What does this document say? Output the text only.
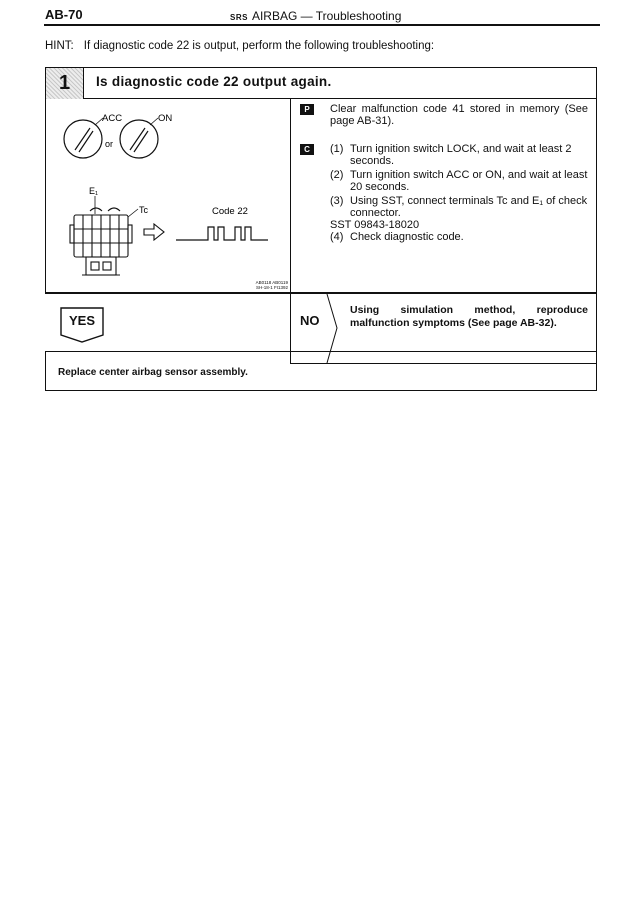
AB-70	SRS AIRBAG — Troubleshooting
HINT: If diagnostic code 22 is output, perform the following troubleshooting:
1	Is diagnostic code 22 output again.
ACC	ON
or
E₁
Tc	Code 22
AB0118 AB0119
SH-18-1 FI1392
P	Clear malfunction code 41 stored in memory (See page AB-31).
C	(1) Turn ignition switch LOCK, and wait at least 2 seconds.
(2) Turn ignition switch ACC or ON, and wait at least 20 seconds.
(3) Using SST, connect terminals Tc and E₁ of check connector.
SST 09843-18020
(4) Check diagnostic code.
YES	NO
Using simulation method, reproduce malfunction symptoms (See page AB-32).
Replace center airbag sensor assembly.
